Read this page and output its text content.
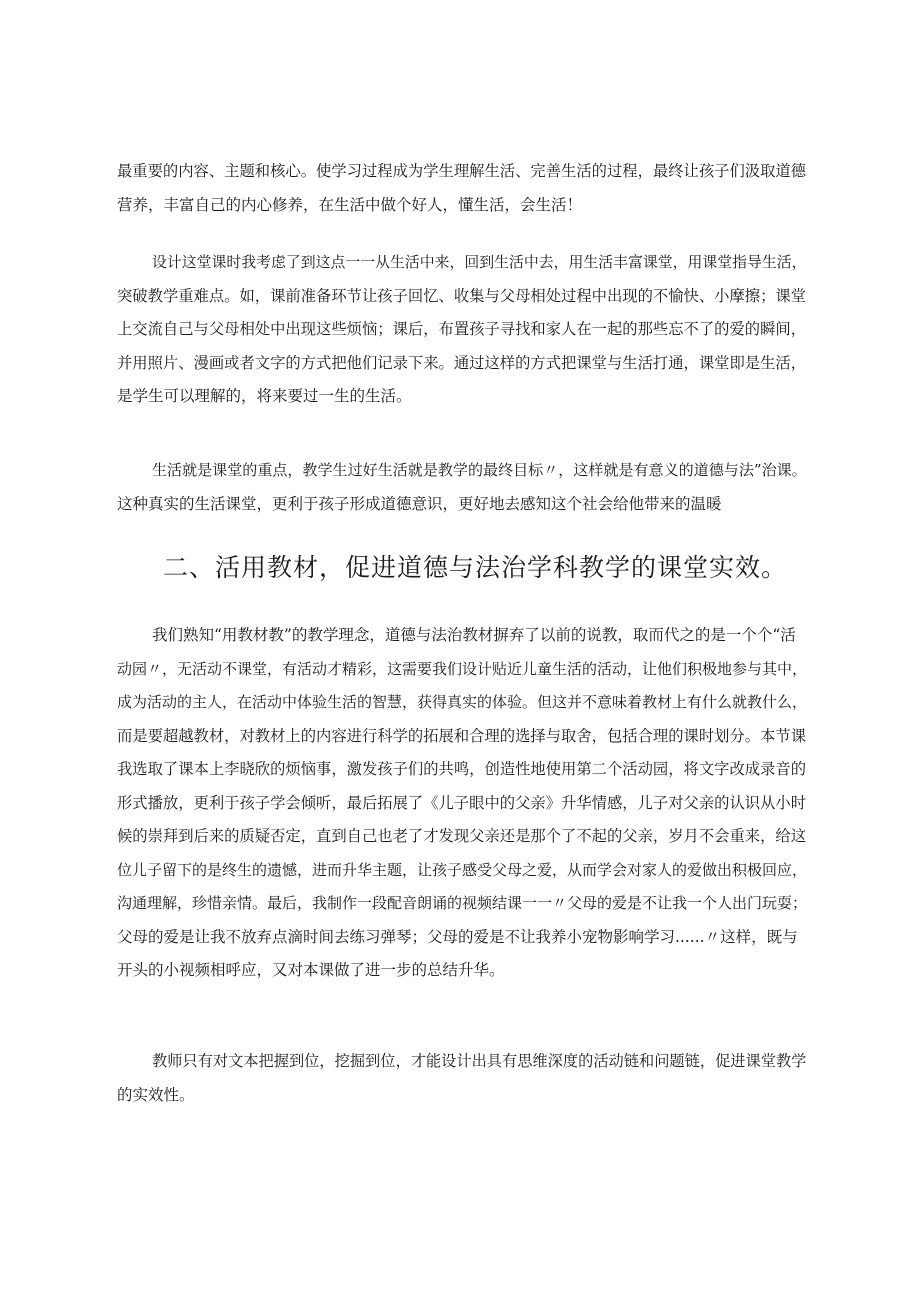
最重要的内容、主题和核心。使学习过程成为学生理解生活、完善生活的过程，最终让孩子们汲取道德
营养，丰富自己的内心修养，在生活中做个好人，懂生活，会生活！
设计这堂课时我考虑了到这点一一从生活中来，回到生活中去，用生活丰富课堂，用课堂指导生活，
突破教学重难点。如，课前准备环节让孩子回忆、收集与父母相处过程中出现的不愉快、小摩擦；课堂
上交流自己与父母相处中出现这些烦恼；课后，布置孩子寻找和家人在一起的那些忘不了的爱的瞬间，
并用照片、漫画或者文字的方式把他们记录下来。通过这样的方式把课堂与生活打通，课堂即是生活，
是学生可以理解的，将来要过一生的生活。
生活就是课堂的重点，教学生过好生活就是教学的最终目标〃，这样就是有意义的道德与法”治课。
这种真实的生活课堂，更利于孩子形成道德意识，更好地去感知这个社会给他带来的温暖
二、活用教材，促进道德与法治学科教学的课堂实效。
我们熟知“用教材教”的教学理念，道德与法治教材摒弃了以前的说教，取而代之的是一个个“活
动园〃，无活动不课堂，有活动才精彩，这需要我们设计贴近儿童生活的活动，让他们积极地参与其中，
成为活动的主人，在活动中体验生活的智慧，获得真实的体验。但这并不意味着教材上有什么就教什么，
而是要超越教材，对教材上的内容进行科学的拓展和合理的选择与取舍，包括合理的课时划分。本节课
我选取了课本上李晓欣的烦恼事，激发孩子们的共鸣，创造性地使用第二个活动园，将文字改成录音的
形式播放，更利于孩子学会倾听，最后拓展了《儿子眼中的父亲》升华情感，儿子对父亲的认识从小时
候的崇拜到后来的质疑否定，直到自己也老了才发现父亲还是那个了不起的父亲，岁月不会重来，给这
位儿子留下的是终生的遗憾，进而升华主题，让孩子感受父母之爱，从而学会对家人的爱做出积极回应，
沟通理解，珍惜亲情。最后，我制作一段配音朗诵的视频结课一一〃父母的爱是不让我一个人出门玩耍；
父母的爱是让我不放弃点滴时间去练习弹琴；父母的爱是不让我养小宠物影响学习......〃这样，既与
开头的小视频相呼应，又对本课做了进一步的总结升华。
教师只有对文本把握到位，挖掘到位，才能设计出具有思维深度的活动链和问题链，促进课堂教学
的实效性。
